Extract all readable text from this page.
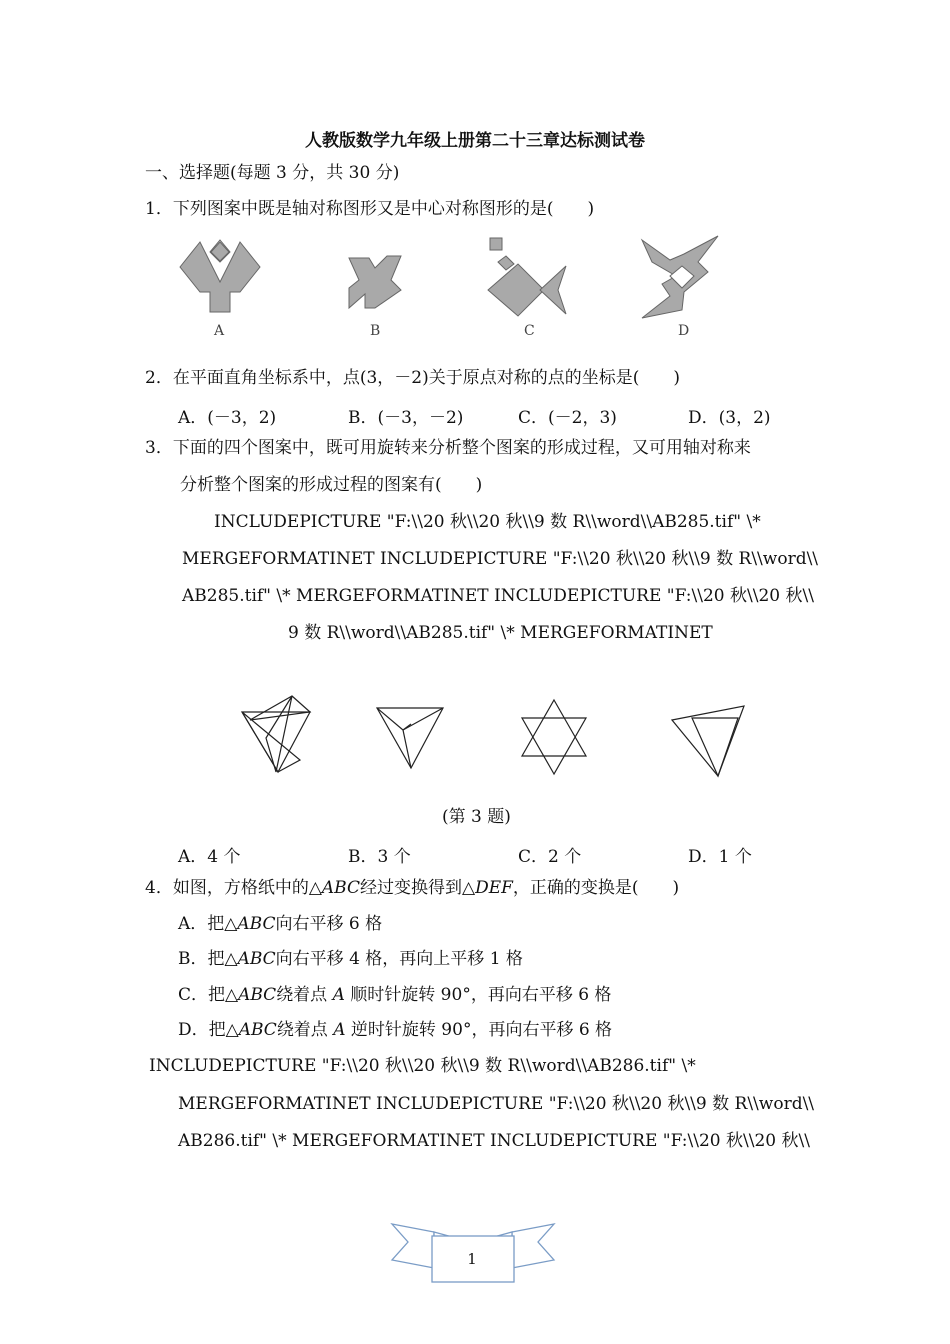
人教版数学九年级上册第二十三章达标测试卷
一、选择题(每题 3 分，共 30 分)
1．下列图案中既是轴对称图形又是中心对称图形的是(　　)
A	B	C	D
2．在平面直角坐标系中，点(3，－2)关于原点对称的点的坐标是(　　)
A．(－3，2)	B．(－3，－2)	C．(－2，3)	D．(3，2)
3．下面的四个图案中，既可用旋转来分析整个图案的形成过程，又可用轴对称来
分析整个图案的形成过程的图案有(　　)
INCLUDEPICTURE "F:\\20 秋\\20 秋\\9 数 R\\word\\AB285.tif" \*
MERGEFORMATINET INCLUDEPICTURE "F:\\20 秋\\20 秋\\9 数 R\\word\\
AB285.tif" \* MERGEFORMATINET INCLUDEPICTURE "F:\\20 秋\\20 秋\\
9 数 R\\word\\AB285.tif" \* MERGEFORMATINET
(第 3 题)
A．4 个	B．3 个	C．2 个	D．1 个
4．如图，方格纸中的△ABC经过变换得到△DEF，正确的变换是(　　)
A．把△ABC向右平移 6 格
B．把△ABC向右平移 4 格，再向上平移 1 格
C．把△ABC绕着点 A 顺时针旋转 90°，再向右平移 6 格
D．把△ABC绕着点 A 逆时针旋转 90°，再向右平移 6 格
INCLUDEPICTURE "F:\\20 秋\\20 秋\\9 数 R\\word\\AB286.tif" \*
MERGEFORMATINET INCLUDEPICTURE "F:\\20 秋\\20 秋\\9 数 R\\word\\
AB286.tif" \* MERGEFORMATINET INCLUDEPICTURE "F:\\20 秋\\20 秋\\
1
